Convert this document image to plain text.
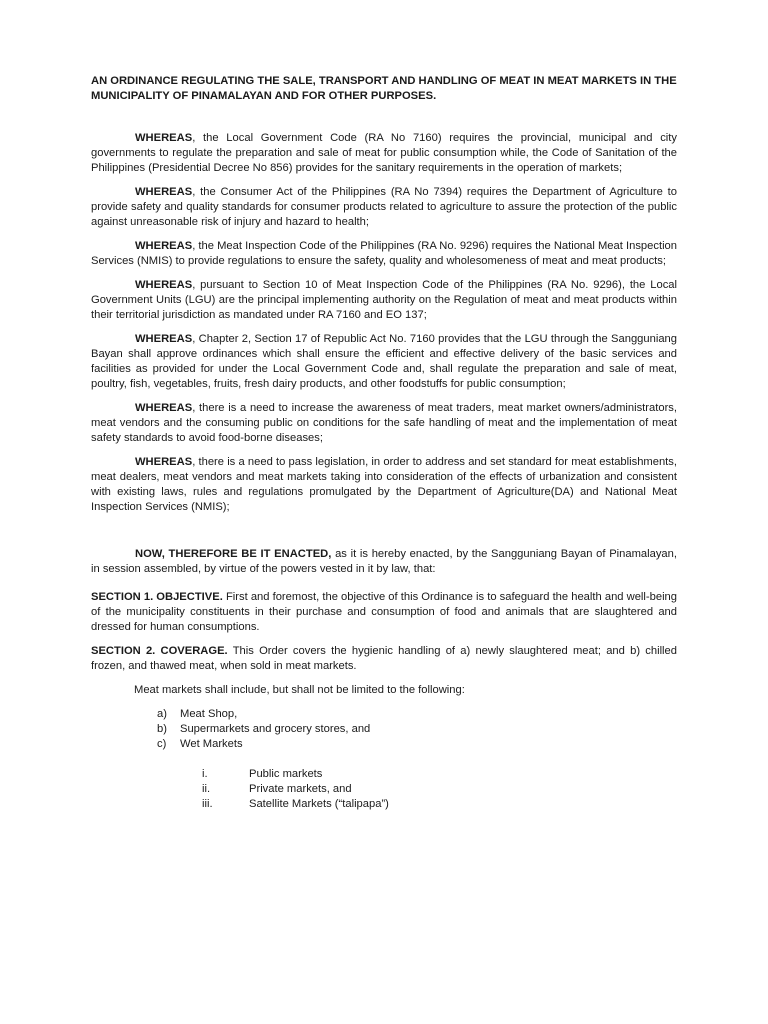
AN ORDINANCE REGULATING THE SALE, TRANSPORT AND HANDLING OF MEAT IN MEAT MARKETS IN THE MUNICIPALITY OF PINAMALAYAN AND FOR OTHER PURPOSES.

WHEREAS, the Local Government Code (RA No 7160) requires the provincial, municipal and city governments to regulate the preparation and sale of meat for public consumption while, the Code of Sanitation of the Philippines (Presidential Decree No 856) provides for the sanitary requirements in the operation of markets;

WHEREAS, the Consumer Act of the Philippines (RA No 7394) requires the Department of Agriculture to provide safety and quality standards for consumer products related to agriculture to assure the protection of the public against unreasonable risk of injury and hazard to health;

WHEREAS, the Meat Inspection Code of the Philippines (RA No. 9296) requires the National Meat Inspection Services (NMIS) to provide regulations to ensure the safety, quality and wholesomeness of meat and meat products;

WHEREAS, pursuant to Section 10 of Meat Inspection Code of the Philippines (RA No. 9296), the Local Government Units (LGU) are the principal implementing authority on the Regulation of meat and meat products within their territorial jurisdiction as mandated under RA 7160 and EO 137;

WHEREAS, Chapter 2, Section 17 of Republic Act No. 7160 provides that the LGU through the Sangguniang Bayan shall approve ordinances which shall ensure the efficient and effective delivery of the basic services and facilities as provided for under the Local Government Code and, shall regulate the preparation and sale of meat, poultry, fish, vegetables, fruits, fresh dairy products, and other foodstuffs for public consumption;

WHEREAS, there is a need to increase the awareness of meat traders, meat market owners/administrators, meat vendors and the consuming public on conditions for the safe handling of meat and the implementation of meat safety standards to avoid food-borne diseases;

WHEREAS, there is a need to pass legislation, in order to address and set standard for meat establishments, meat dealers, meat vendors and meat markets taking into consideration of the effects of urbanization and consistent with existing laws, rules and regulations promulgated by the Department of Agriculture(DA) and National Meat Inspection Services (NMIS);

NOW, THEREFORE BE IT ENACTED, as it is hereby enacted, by the Sangguniang Bayan of Pinamalayan, in session assembled, by virtue of the powers vested in it by law, that:

SECTION 1. OBJECTIVE. First and foremost, the objective of this Ordinance is to safeguard the health and well-being of the municipality constituents in their purchase and consumption of food and animals that are slaughtered and dressed for human consumptions.

SECTION 2. COVERAGE. This Order covers the hygienic handling of a) newly slaughtered meat; and b) chilled frozen, and thawed meat, when sold in meat markets.

Meat markets shall include, but shall not be limited to the following:

a) Meat Shop,
b) Supermarkets and grocery stores, and
c) Wet Markets
i.	Public markets
ii.	Private markets, and
iii.	Satellite Markets (“talipapa”)
